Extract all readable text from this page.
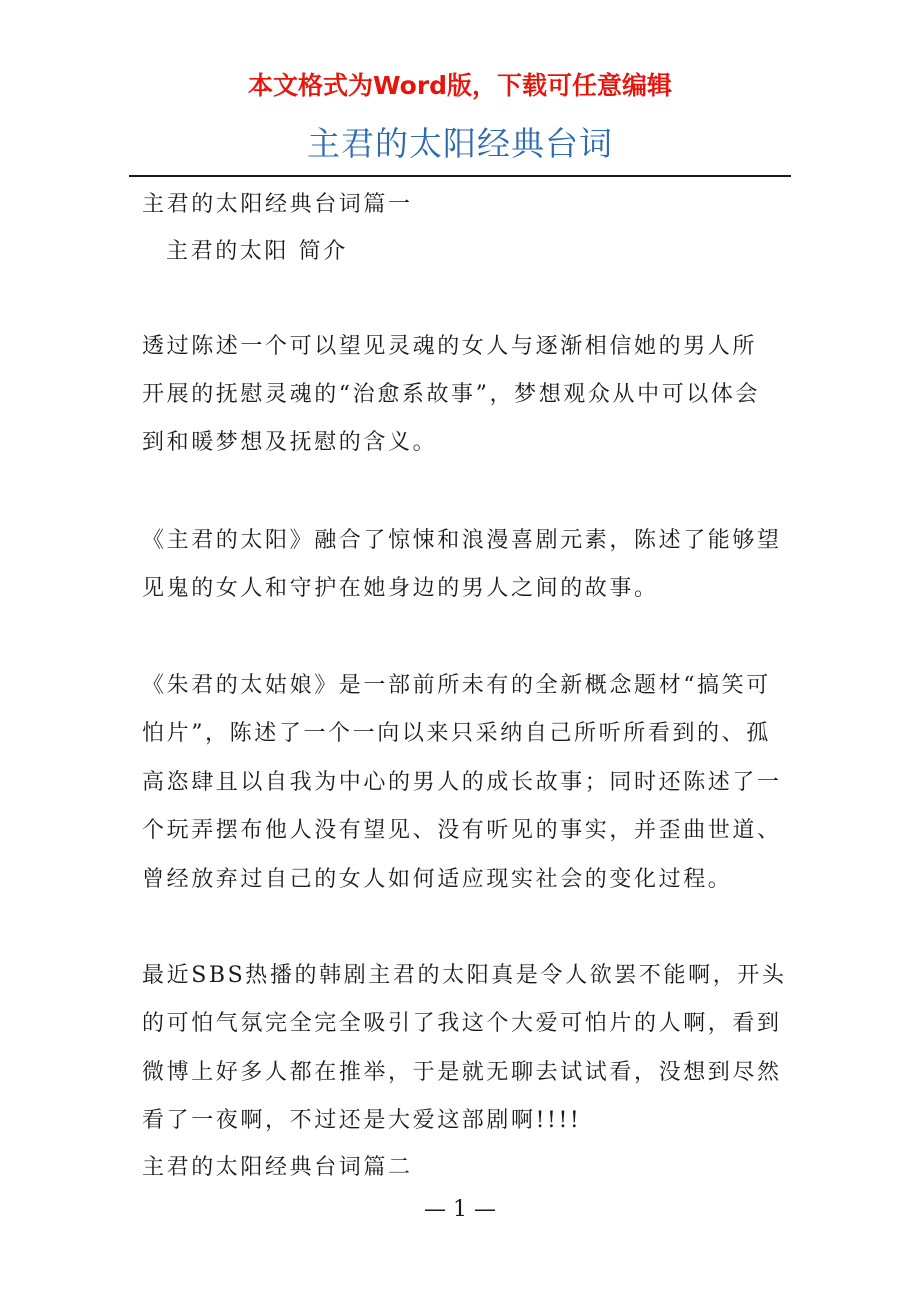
本文格式为Word版，下载可任意编辑
主君的太阳经典台词
主君的太阳经典台词篇一
主君的太阳 简介
透过陈述一个可以望见灵魂的女人与逐渐相信她的男人所
开展的抚慰灵魂的“治愈系故事”，梦想观众从中可以体会
到和暖梦想及抚慰的含义。
《主君的太阳》融合了惊悚和浪漫喜剧元素，陈述了能够望
见鬼的女人和守护在她身边的男人之间的故事。
《朱君的太姑娘》是一部前所未有的全新概念题材“搞笑可
怕片”，陈述了一个一向以来只采纳自己所听所看到的、孤
高恣肆且以自我为中心的男人的成长故事；同时还陈述了一
个玩弄摆布他人没有望见、没有听见的事实，并歪曲世道、
曾经放弃过自己的女人如何适应现实社会的变化过程。
最近SBS热播的韩剧主君的太阳真是令人欲罢不能啊，开头
的可怕气氛完全完全吸引了我这个大爱可怕片的人啊，看到
微博上好多人都在推举，于是就无聊去试试看，没想到尽然
看了一夜啊，不过还是大爱这部剧啊!!!!
主君的太阳经典台词篇二
— 1 —
